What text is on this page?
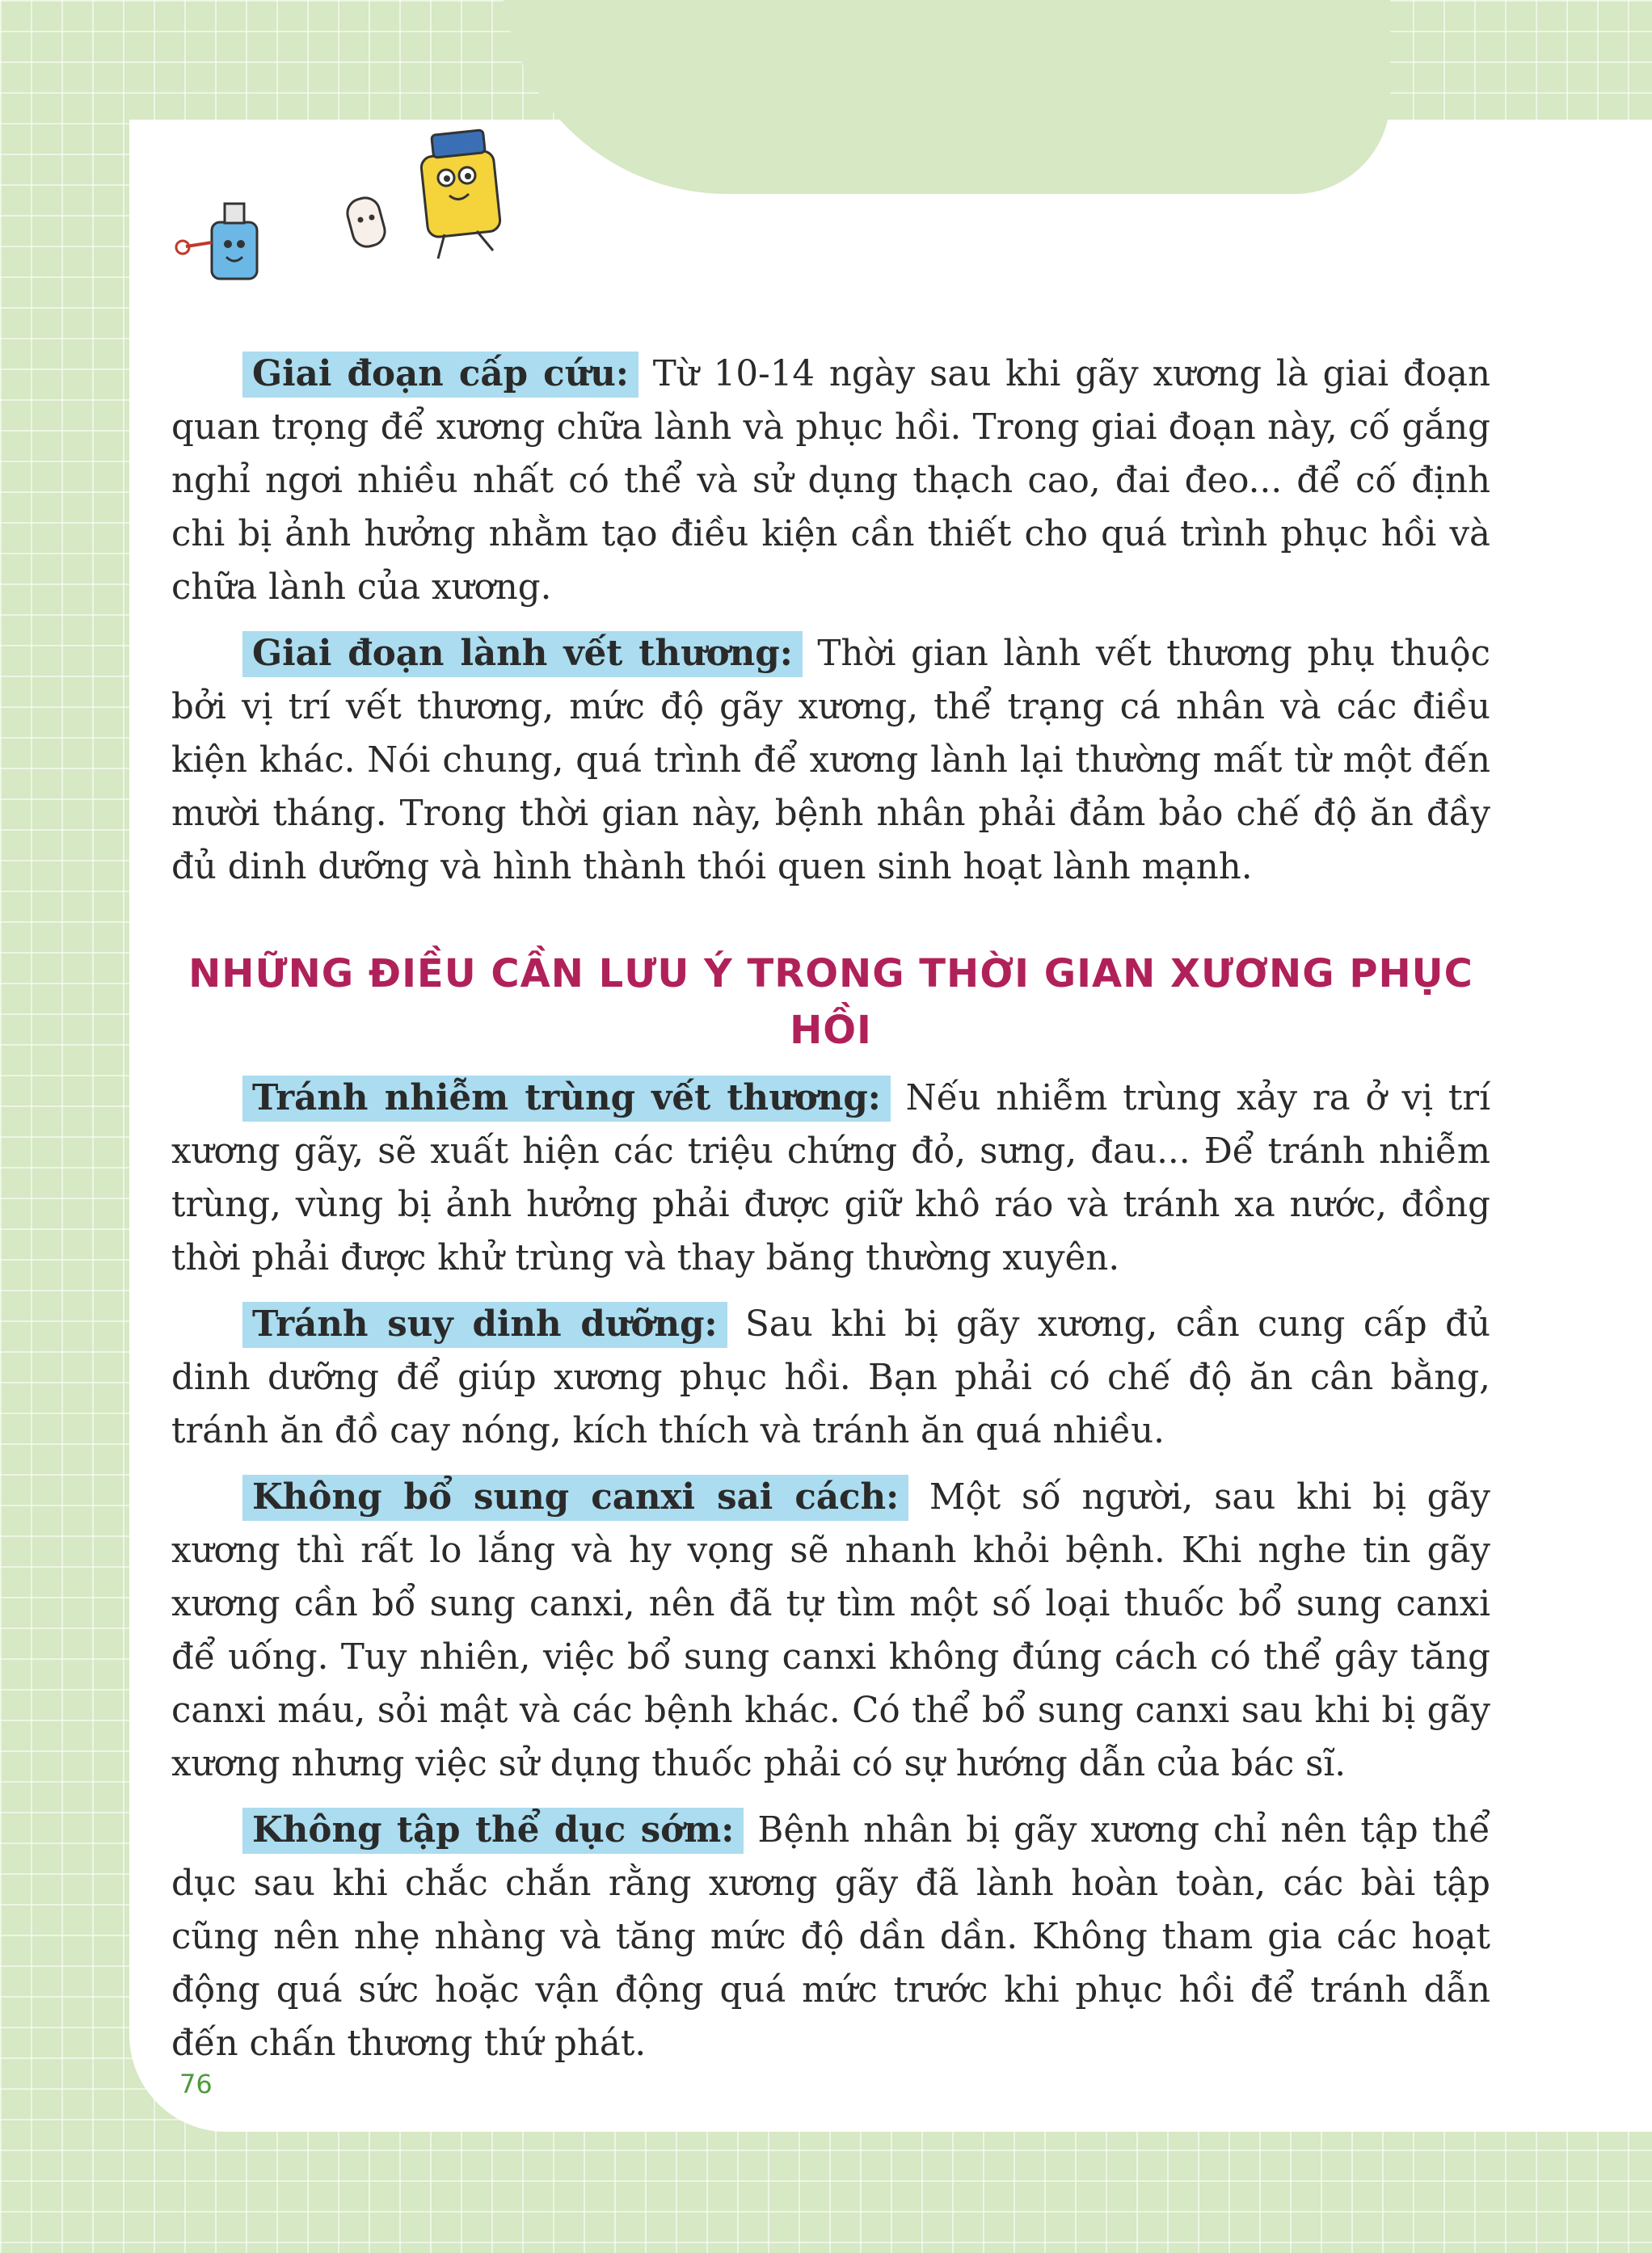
Giai đoạn cấp cứu: Từ 10-14 ngày sau khi gãy xương là giai đoạn quan trọng để xương chữa lành và phục hồi. Trong giai đoạn này, cố gắng nghỉ ngơi nhiều nhất có thể và sử dụng thạch cao, đai đeo... để cố định chi bị ảnh hưởng nhằm tạo điều kiện cần thiết cho quá trình phục hồi và chữa lành của xương.

Giai đoạn lành vết thương: Thời gian lành vết thương phụ thuộc bởi vị trí vết thương, mức độ gãy xương, thể trạng cá nhân và các điều kiện khác. Nói chung, quá trình để xương lành lại thường mất từ một đến mười tháng. Trong thời gian này, bệnh nhân phải đảm bảo chế độ ăn đầy đủ dinh dưỡng và hình thành thói quen sinh hoạt lành mạnh.

NHỮNG ĐIỀU CẦN LƯU Ý TRONG THỜI GIAN XƯƠNG PHỤC HỒI

Tránh nhiễm trùng vết thương: Nếu nhiễm trùng xảy ra ở vị trí xương gãy, sẽ xuất hiện các triệu chứng đỏ, sưng, đau... Để tránh nhiễm trùng, vùng bị ảnh hưởng phải được giữ khô ráo và tránh xa nước, đồng thời phải được khử trùng và thay băng thường xuyên.

Tránh suy dinh dưỡng: Sau khi bị gãy xương, cần cung cấp đủ dinh dưỡng để giúp xương phục hồi. Bạn phải có chế độ ăn cân bằng, tránh ăn đồ cay nóng, kích thích và tránh ăn quá nhiều.

Không bổ sung canxi sai cách: Một số người, sau khi bị gãy xương thì rất lo lắng và hy vọng sẽ nhanh khỏi bệnh. Khi nghe tin gãy xương cần bổ sung canxi, nên đã tự tìm một số loại thuốc bổ sung canxi để uống. Tuy nhiên, việc bổ sung canxi không đúng cách có thể gây tăng canxi máu, sỏi mật và các bệnh khác. Có thể bổ sung canxi sau khi bị gãy xương nhưng việc sử dụng thuốc phải có sự hướng dẫn của bác sĩ.

Không tập thể dục sớm: Bệnh nhân bị gãy xương chỉ nên tập thể dục sau khi chắc chắn rằng xương gãy đã lành hoàn toàn, các bài tập cũng nên nhẹ nhàng và tăng mức độ dần dần. Không tham gia các hoạt động quá sức hoặc vận động quá mức trước khi phục hồi để tránh dẫn đến chấn thương thứ phát.

76
